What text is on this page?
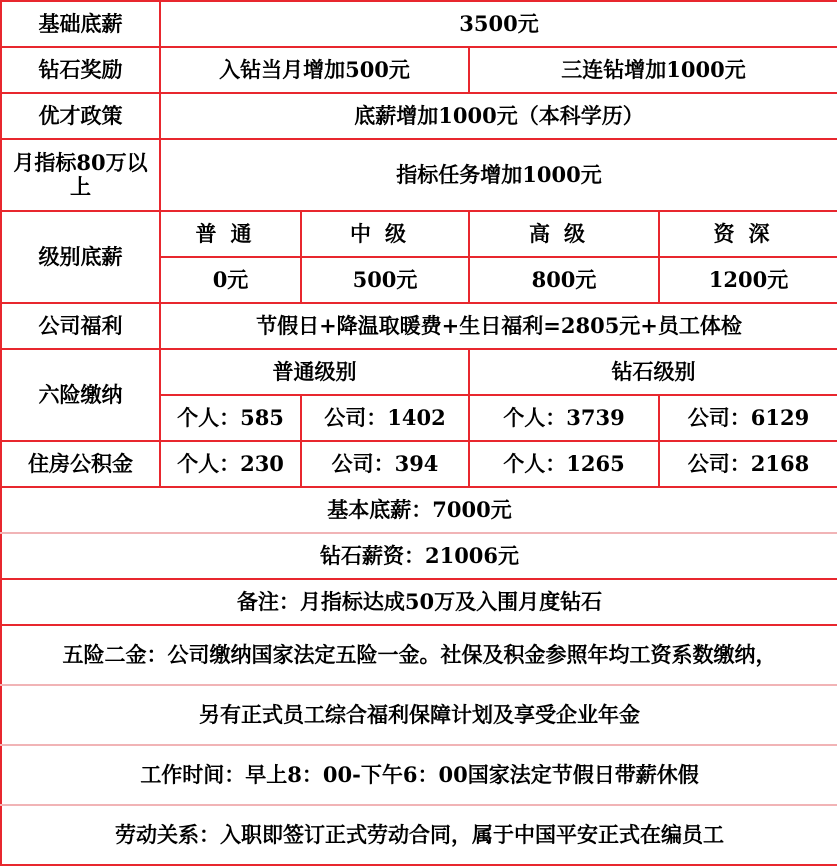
基础底薪	3500元			
钻石奖励	入钻当月增加500元		三连钻增加1000元	
优才政策	底薪增加1000元（本科学历）			
月指标80万以上	指标任务增加1000元			
级别底薪	普通	中级	高级	资深
	0元	500元	800元	1200元
公司福利	节假日+降温取暖费+生日福利=2805元+员工体检			
六险缴纳	普通级别		钻石级别	
	个人：585	公司：1402	个人：3739	公司：6129
住房公积金	个人：230	公司：394	个人：1265	公司：2168
基本底薪：7000元				
钻石薪资：21006元				
备注：月指标达成50万及入围月度钻石				
五险二金：公司缴纳国家法定五险一金。社保及积金参照年均工资系数缴纳，				
另有正式员工综合福利保障计划及享受企业年金				
工作时间：早上8：00-下午6：00国家法定节假日带薪休假				
劳动关系：入职即签订正式劳动合同，属于中国平安正式在编员工				
